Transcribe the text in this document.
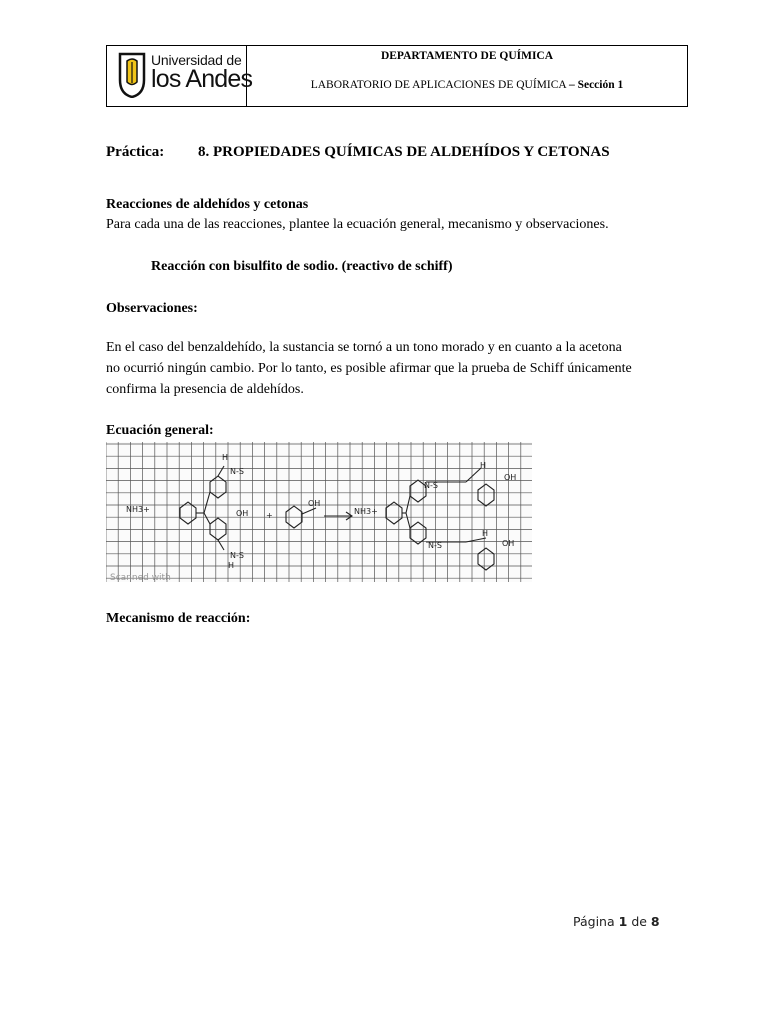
Universidad de
los Andes
DEPARTAMENTO DE QUÍMICA
LABORATORIO DE APLICACIONES DE QUÍMICA – Sección 1
Práctica: 8. PROPIEDADES QUÍMICAS DE ALDEHÍDOS Y CETONAS
Reacciones de aldehídos y cetonas
Para cada una de las reacciones, plantee la ecuación general, mecanismo y observaciones.
Reacción con bisulfito de sodio. (reactivo de schiff)
Observaciones:
En el caso del benzaldehído, la sustancia se tornó a un tono morado y en cuanto a la acetona
no ocurrió ningún cambio. Por lo tanto, es posible afirmar que la prueba de Schiff únicamente
confirma la presencia de aldehídos.
Ecuación general:
NH3+	OH +
OH
NH3+
OH
OH
H
H
H
H
N-S
N-S
N-S
N-S
Scanned with
Mecanismo de reacción:
Página 1 de 8
